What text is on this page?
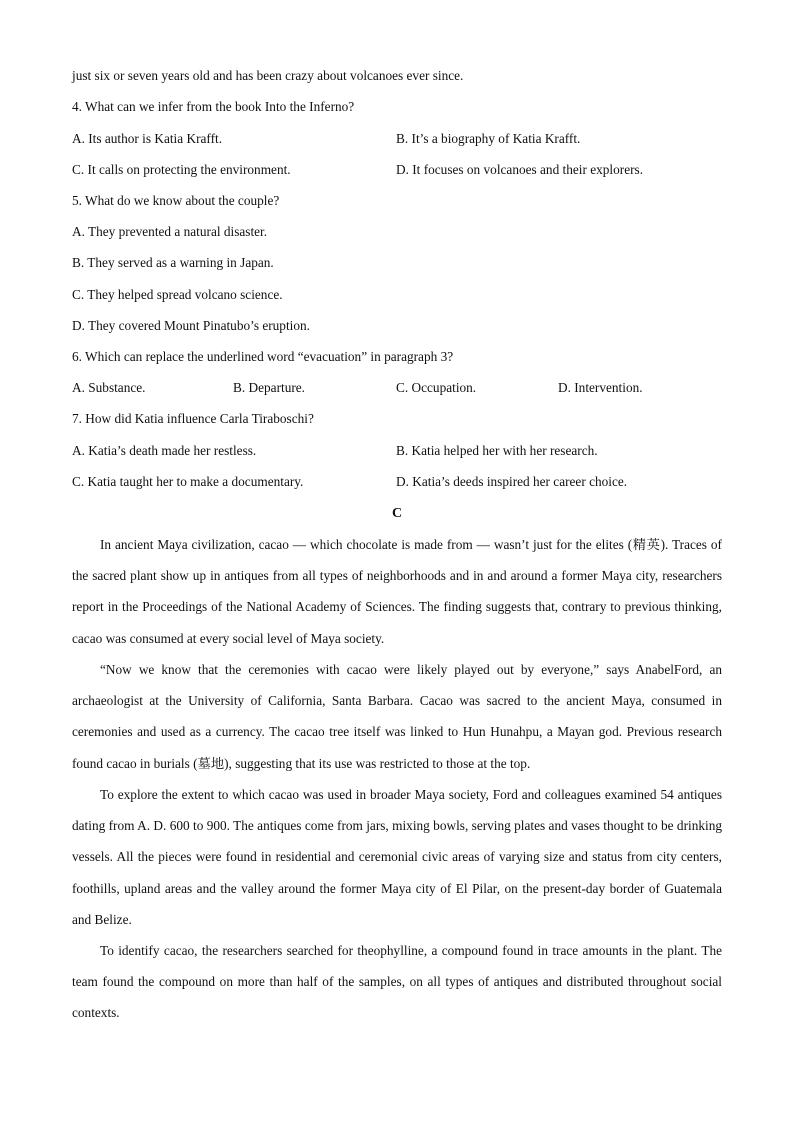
just six or seven years old and has been crazy about volcanoes ever since.
4. What can we infer from the book Into the Inferno?
A. Its author is Katia Krafft.	B. It’s a biography of Katia Krafft.
C. It calls on protecting the environment.	D. It focuses on volcanoes and their explorers.
5. What do we know about the couple?
A. They prevented a natural disaster.
B. They served as a warning in Japan.
C. They helped spread volcano science.
D. They covered Mount Pinatubo’s eruption.
6. Which can replace the underlined word “evacuation” in paragraph 3?
A. Substance.	B. Departure.	C. Occupation.	D. Intervention.
7. How did Katia influence Carla Tiraboschi?
A. Katia’s death made her restless.	B. Katia helped her with her research.
C. Katia taught her to make a documentary.	D. Katia’s deeds inspired her career choice.
C

In ancient Maya civilization, cacao — which chocolate is made from — wasn’t just for the elites (精英). Traces of the sacred plant show up in antiques from all types of neighborhoods and in and around a former Maya city, researchers report in the Proceedings of the National Academy of Sciences. The finding suggests that, contrary to previous thinking, cacao was consumed at every social level of Maya society.

“Now we know that the ceremonies with cacao were likely played out by everyone,” says AnabelFord, an archaeologist at the University of California, Santa Barbara. Cacao was sacred to the ancient Maya, consumed in ceremonies and used as a currency. The cacao tree itself was linked to Hun Hunahpu, a Mayan god. Previous research found cacao in burials (墓地), suggesting that its use was restricted to those at the top.

To explore the extent to which cacao was used in broader Maya society, Ford and colleagues examined 54 antiques dating from A. D. 600 to 900. The antiques come from jars, mixing bowls, serving plates and vases thought to be drinking vessels. All the pieces were found in residential and ceremonial civic areas of varying size and status from city centers, foothills, upland areas and the valley around the former Maya city of El Pilar, on the present-day border of Guatemala and Belize.

To identify cacao, the researchers searched for theophylline, a compound found in trace amounts in the plant. The team found the compound on more than half of the samples, on all types of antiques and distributed throughout social contexts.
